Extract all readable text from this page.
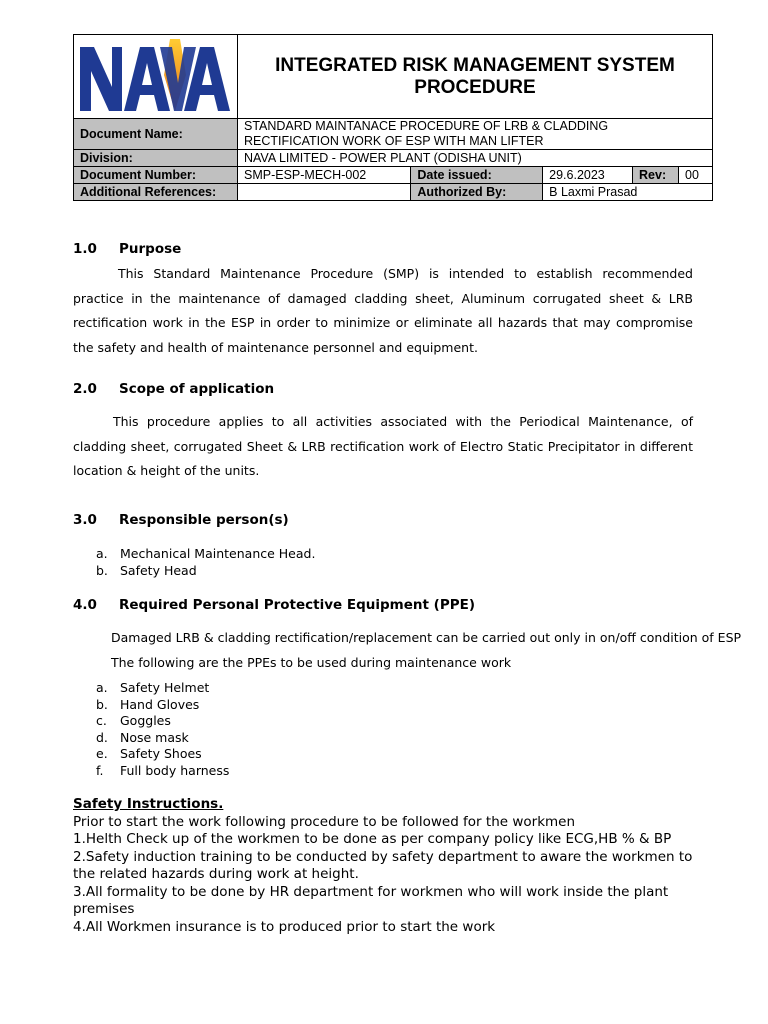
	INTEGRATED RISK MANAGEMENT SYSTEM PROCEDURE				
Document Name:	STANDARD MAINTANACE PROCEDURE OF LRB & CLADDING RECTIFICATION WORK OF ESP WITH MAN LIFTER				
Division:	NAVA LIMITED - POWER PLANT (ODISHA UNIT)				
Document Number:	SMP-ESP-MECH-002	Date issued:	29.6.2023	Rev:	00
Additional References:		Authorized By:	B Laxmi Prasad		
1.0 Purpose
This Standard Maintenance Procedure (SMP) is intended to establish recommended practice in the maintenance of damaged cladding sheet, Aluminum corrugated sheet & LRB rectification work in the ESP in order to minimize or eliminate all hazards that may compromise the safety and health of maintenance personnel and equipment.
2.0 Scope of application
This procedure applies to all activities associated with the Periodical Maintenance, of cladding sheet, corrugated Sheet & LRB rectification work of Electro Static Precipitator in different location & height of the units.
3.0 Responsible person(s)
a. Mechanical Maintenance Head.
b. Safety Head
4.0 Required Personal Protective Equipment (PPE)
Damaged LRB & cladding rectification/replacement can be carried out only in on/off condition of ESP
The following are the PPEs to be used during maintenance work
a. Safety Helmet
b. Hand Gloves
c. Goggles
d. Nose mask
e. Safety Shoes
f. Full body harness
Safety Instructions.
Prior to start the work following procedure to be followed for the workmen
1.Helth Check up of the workmen to be done as per company policy like ECG,HB % & BP
2.Safety induction training to be conducted by safety department to aware the workmen to the related hazards during work at height.
3.All formality to be done by HR department for workmen who will work inside the plant premises
4.All Workmen insurance is to produced prior to start the work
